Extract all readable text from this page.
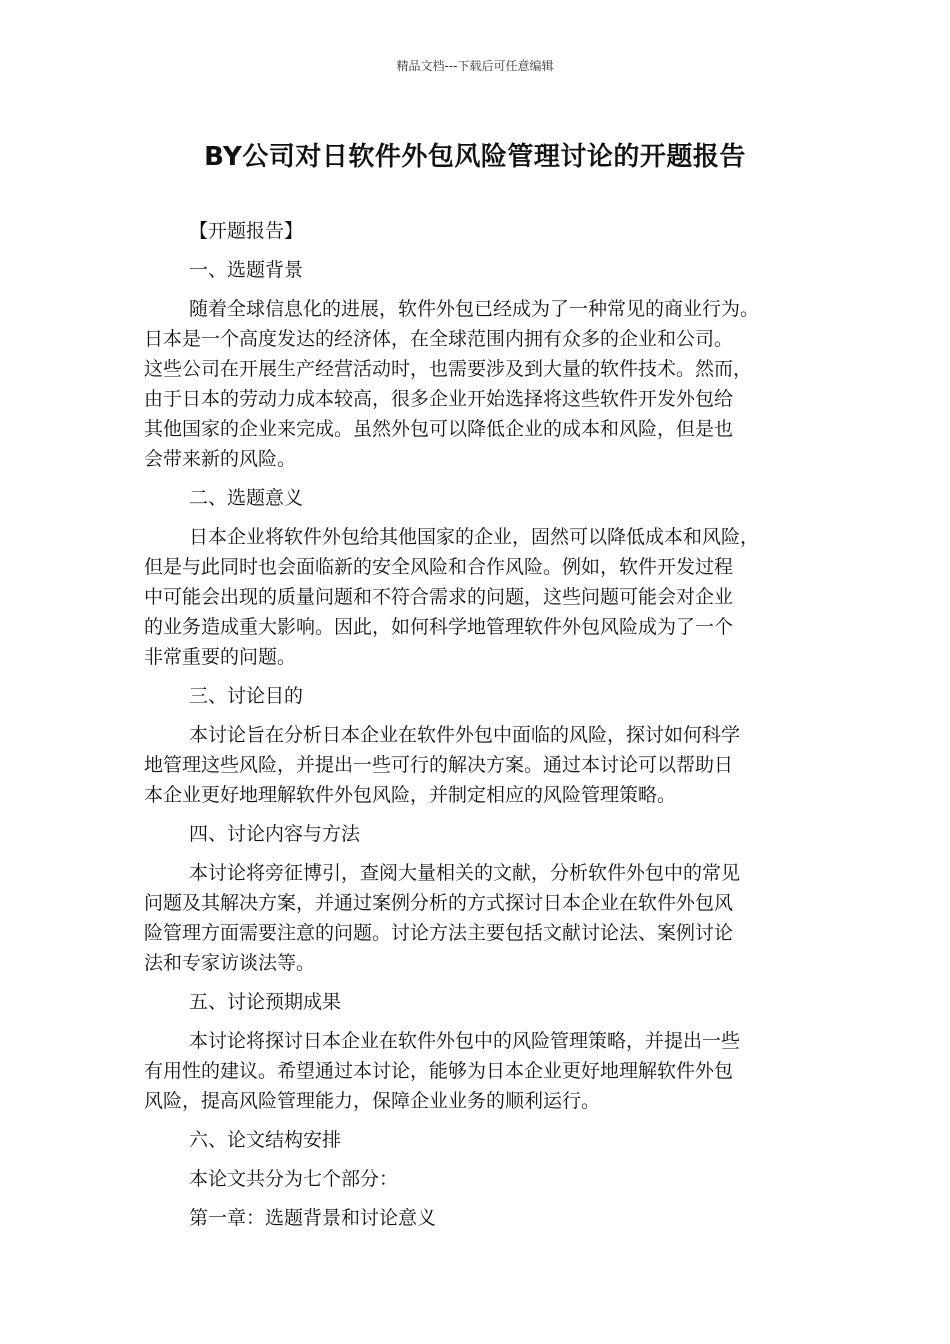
精品文档---下载后可任意编辑
BY公司对日软件外包风险管理讨论的开题报告
【开题报告】
一、选题背景
随着全球信息化的进展，软件外包已经成为了一种常见的商业行为。
日本是一个高度发达的经济体，在全球范围内拥有众多的企业和公司。
这些公司在开展生产经营活动时，也需要涉及到大量的软件技术。然而，
由于日本的劳动力成本较高，很多企业开始选择将这些软件开发外包给
其他国家的企业来完成。虽然外包可以降低企业的成本和风险，但是也
会带来新的风险。
二、选题意义
日本企业将软件外包给其他国家的企业，固然可以降低成本和风险，
但是与此同时也会面临新的安全风险和合作风险。例如，软件开发过程
中可能会出现的质量问题和不符合需求的问题，这些问题可能会对企业
的业务造成重大影响。因此，如何科学地管理软件外包风险成为了一个
非常重要的问题。
三、讨论目的
本讨论旨在分析日本企业在软件外包中面临的风险，探讨如何科学
地管理这些风险，并提出一些可行的解决方案。通过本讨论可以帮助日
本企业更好地理解软件外包风险，并制定相应的风险管理策略。
四、讨论内容与方法
本讨论将旁征博引，查阅大量相关的文献，分析软件外包中的常见
问题及其解决方案，并通过案例分析的方式探讨日本企业在软件外包风
险管理方面需要注意的问题。讨论方法主要包括文献讨论法、案例讨论
法和专家访谈法等。
五、讨论预期成果
本讨论将探讨日本企业在软件外包中的风险管理策略，并提出一些
有用性的建议。希望通过本讨论，能够为日本企业更好地理解软件外包
风险，提高风险管理能力，保障企业业务的顺利运行。
六、论文结构安排
本论文共分为七个部分：
第一章：选题背景和讨论意义
